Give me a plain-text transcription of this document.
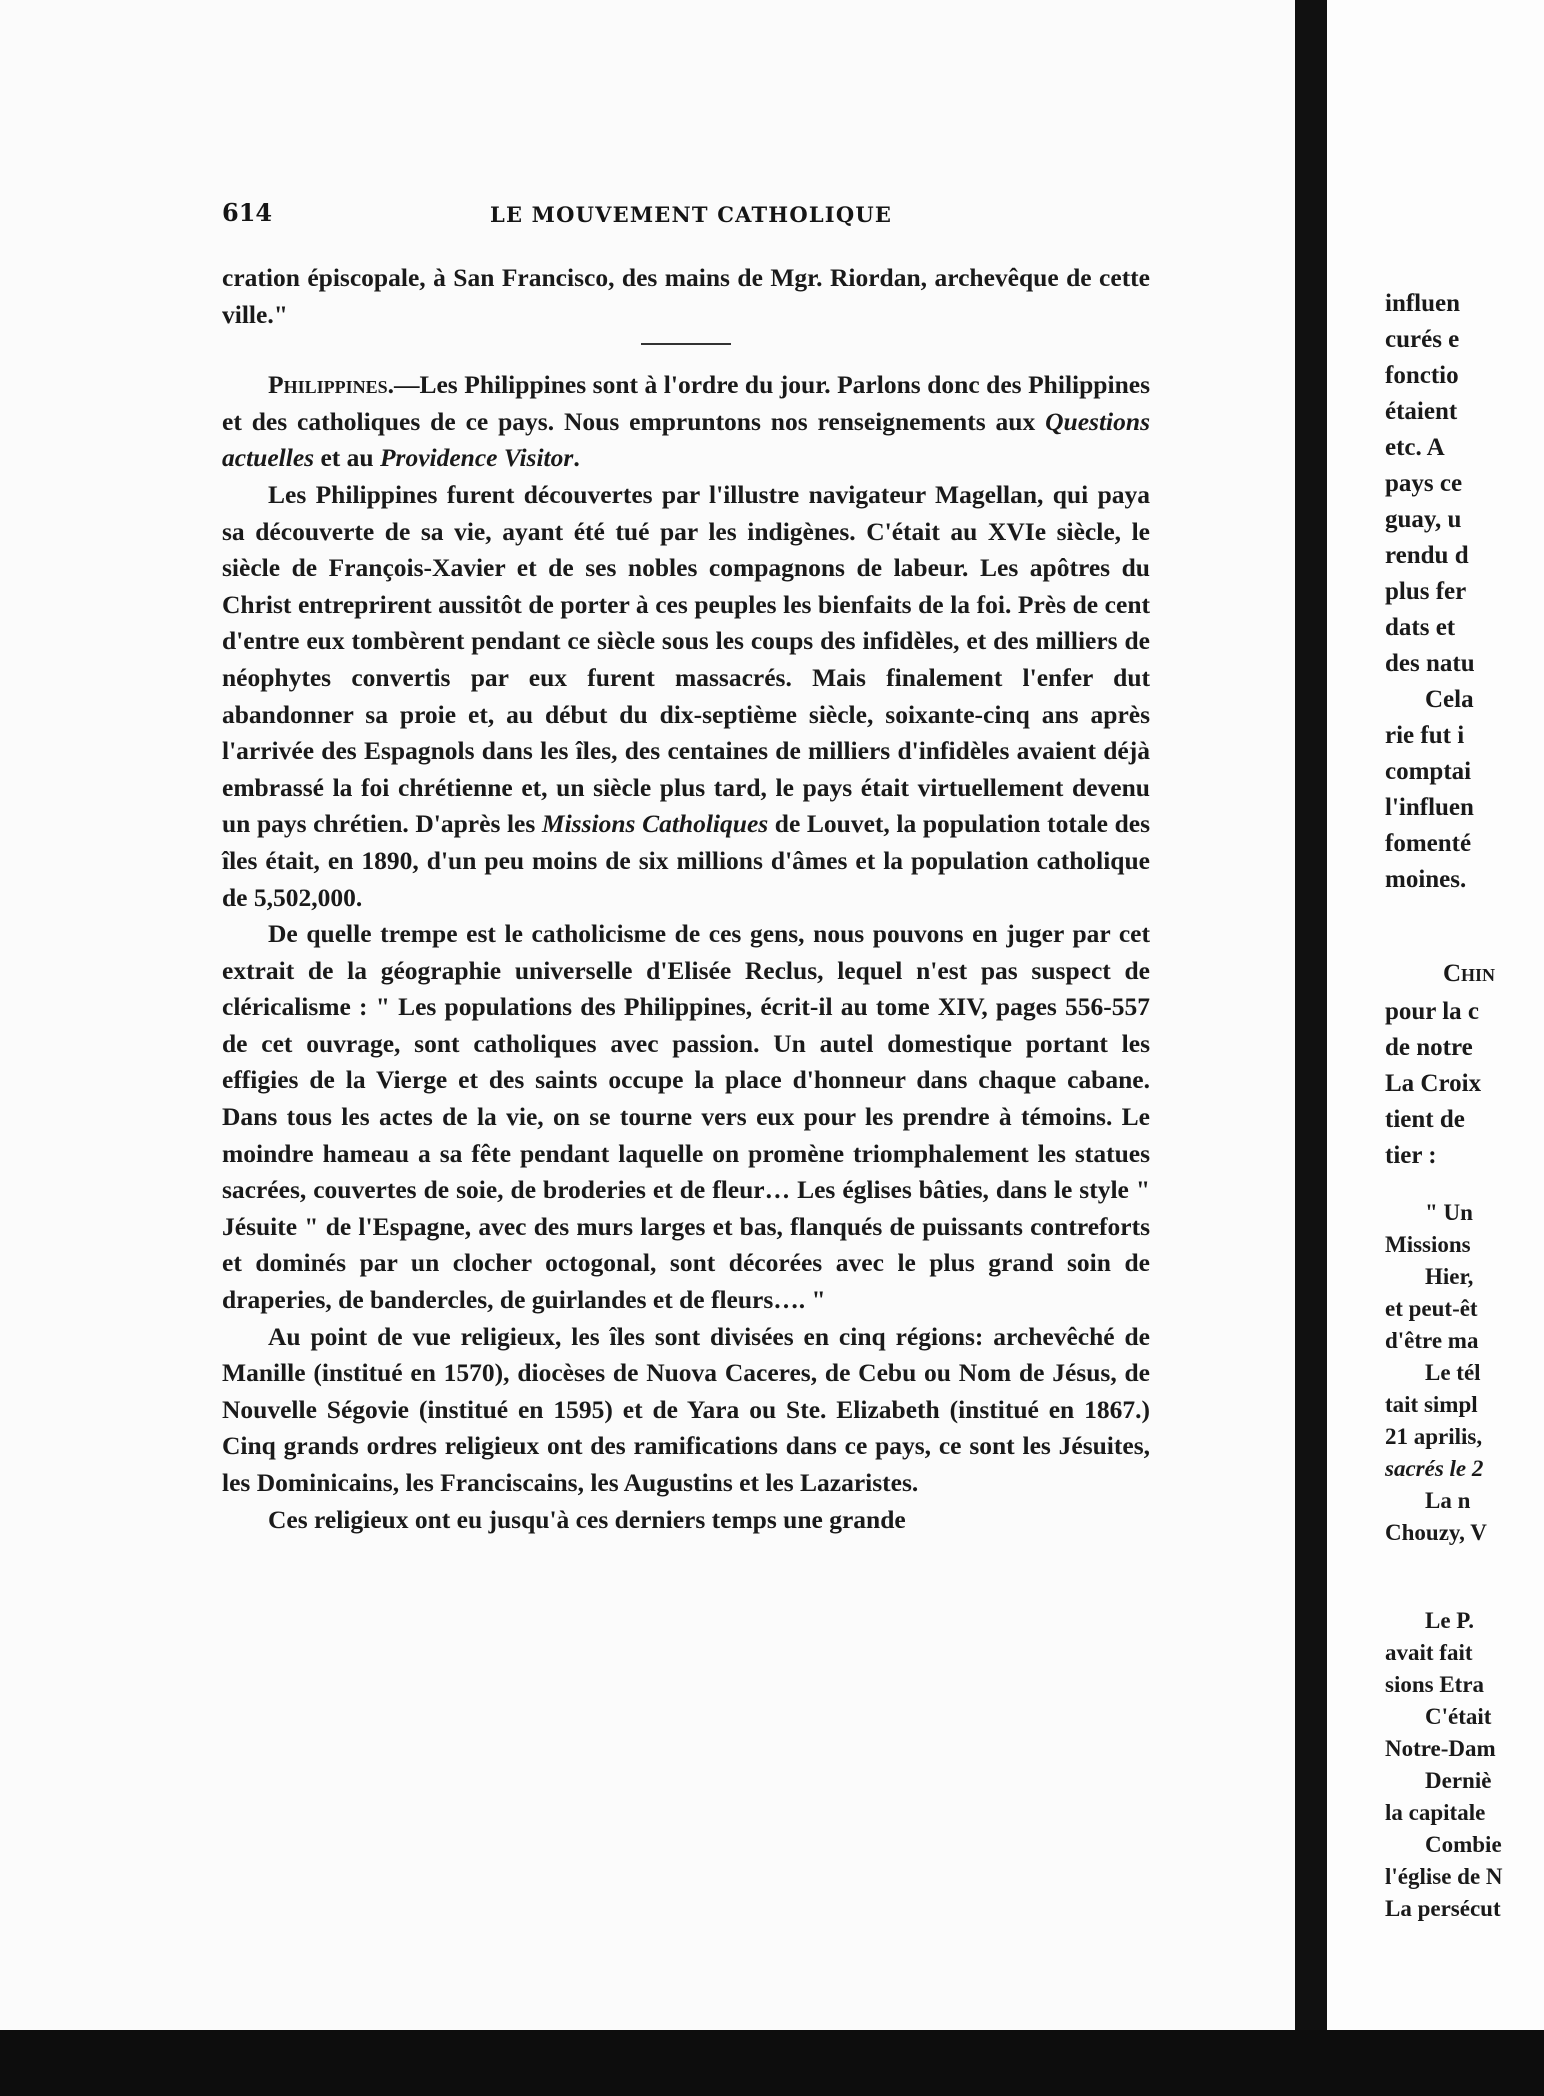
614	LE MOUVEMENT CATHOLIQUE

cration épiscopale, à San Francisco, des mains de Mgr. Riordan, archevêque de cette ville."

Philippines.—Les Philippines sont à l'ordre du jour. Parlons donc des Philippines et des catholiques de ce pays. Nous empruntons nos renseignements aux Questions actuelles et au Providence Visitor.

Les Philippines furent découvertes par l'illustre navigateur Magellan, qui paya sa découverte de sa vie, ayant été tué par les indigènes. C'était au XVIe siècle, le siècle de François-Xavier et de ses nobles compagnons de labeur. Les apôtres du Christ entreprirent aussitôt de porter à ces peuples les bienfaits de la foi. Près de cent d'entre eux tombèrent pendant ce siècle sous les coups des infidèles, et des milliers de néophytes convertis par eux furent massacrés. Mais finalement l'enfer dut abandonner sa proie et, au début du dix-septième siècle, soixante-cinq ans après l'arrivée des Espagnols dans les îles, des centaines de milliers d'infidèles avaient déjà embrassé la foi chrétienne et, un siècle plus tard, le pays était virtuellement devenu un pays chrétien. D'après les Missions Catholiques de Louvet, la population totale des îles était, en 1890, d'un peu moins de six millions d'âmes et la population catholique de 5,502,000.

De quelle trempe est le catholicisme de ces gens, nous pouvons en juger par cet extrait de la géographie universelle d'Elisée Reclus, lequel n'est pas suspect de cléricalisme : " Les populations des Philippines, écrit-il au tome XIV, pages 556-557 de cet ouvrage, sont catholiques avec passion. Un autel domestique portant les effigies de la Vierge et des saints occupe la place d'honneur dans chaque cabane. Dans tous les actes de la vie, on se tourne vers eux pour les prendre à témoins. Le moindre hameau a sa fête pendant laquelle on promène triomphalement les statues sacrées, couvertes de soie, de broderies et de fleur… Les églises bâties, dans le style " Jésuite " de l'Espagne, avec des murs larges et bas, flanqués de puissants contreforts et dominés par un clocher octogonal, sont décorées avec le plus grand soin de draperies, de bandercles, de guirlandes et de fleurs…. "

Au point de vue religieux, les îles sont divisées en cinq régions: archevêché de Manille (institué en 1570), diocèses de Nuova Caceres, de Cebu ou Nom de Jésus, de Nouvelle Ségovie (institué en 1595) et de Yara ou Ste. Elizabeth (institué en 1867.) Cinq grands ordres religieux ont des ramifications dans ce pays, ce sont les Jésuites, les Dominicains, les Franciscains, les Augustins et les Lazaristes.

Ces religieux ont eu jusqu'à ces derniers temps une grande

influen
curés e
fonctio
étaient
etc. A
pays ce
guay, u
rendu d
plus fer
dats et
des natu
Cela
rie fut i
comptai
l'influen
fomenté
moines.
Chin
pour la c
de notre
La Croix
tient de
tier :
" Un
Missions
Hier,
et peut-êt
d'être ma
Le tél
tait simpl
21 aprilis,
sacrés le 2
La n
Chouzy, V
Le P.
avait fait
sions Etra
C'était
Notre-Dam
Derniè
la capitale
Combie
l'église de N
La persécut
